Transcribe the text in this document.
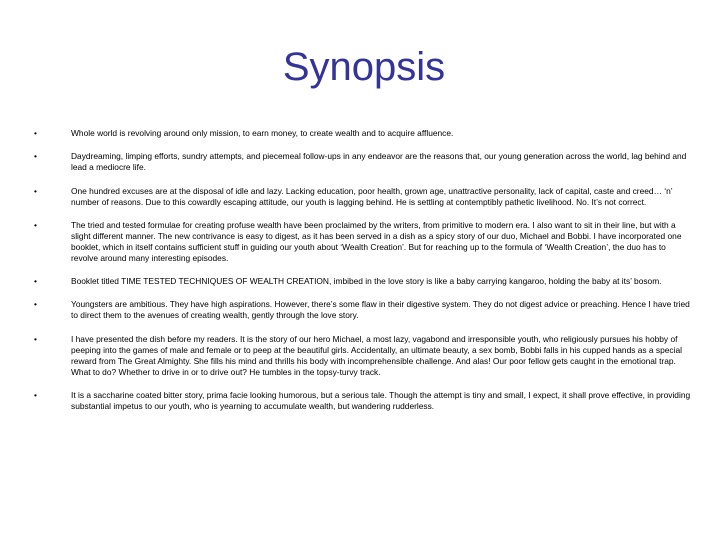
Synopsis
•	Whole world is revolving around only mission, to earn money, to create wealth and to acquire affluence.
•	Daydreaming, limping efforts, sundry attempts, and piecemeal follow-ups in any endeavor are the reasons that, our young generation across the world, lag behind and lead a mediocre life.
•	One hundred excuses are at the disposal of idle and lazy. Lacking education, poor health, grown age, unattractive personality, lack of capital, caste and creed… ‘n’ number of reasons. Due to this cowardly escaping attitude, our youth is lagging behind. He is settling at contemptibly pathetic livelihood. No. It’s not correct.
•	The tried and tested formulae for creating profuse wealth have been proclaimed by the writers, from primitive to modern era. I also want to sit in their line, but with a slight different manner. The new contrivance is easy to digest, as it has been served in a dish as a spicy story of our duo, Michael and Bobbi. I have incorporated one booklet, which in itself contains sufficient stuff in guiding our youth about ‘Wealth Creation’. But for reaching up to the formula of ‘Wealth Creation’, the duo has to revolve around many interesting episodes.
•	Booklet titled TIME TESTED TECHNIQUES OF WEALTH CREATION, imbibed in the love story is like a baby carrying kangaroo, holding the baby at its’ bosom.
•	Youngsters are ambitious. They have high aspirations. However, there’s some flaw in their digestive system. They do not digest advice or preaching. Hence I have tried to direct them to the avenues of creating wealth, gently through the love story.
•	I have presented the dish before my readers. It is the story of our hero Michael, a most lazy, vagabond and irresponsible youth, who religiously pursues his hobby of peeping into the games of male and female or to peep at the beautiful girls. Accidentally, an ultimate beauty, a sex bomb, Bobbi falls in his cupped hands as a special reward from The Great Almighty. She fills his mind and thrills his body with incomprehensible challenge. And alas! Our poor fellow gets caught in the emotional trap. What to do? Whether to drive in or to drive out? He tumbles in the topsy-turvy track.
•	It is a saccharine coated bitter story, prima facie looking humorous, but a serious tale. Though the attempt is tiny and small, I expect, it shall prove effective, in providing substantial impetus to our youth, who is yearning to accumulate wealth, but wandering rudderless.
